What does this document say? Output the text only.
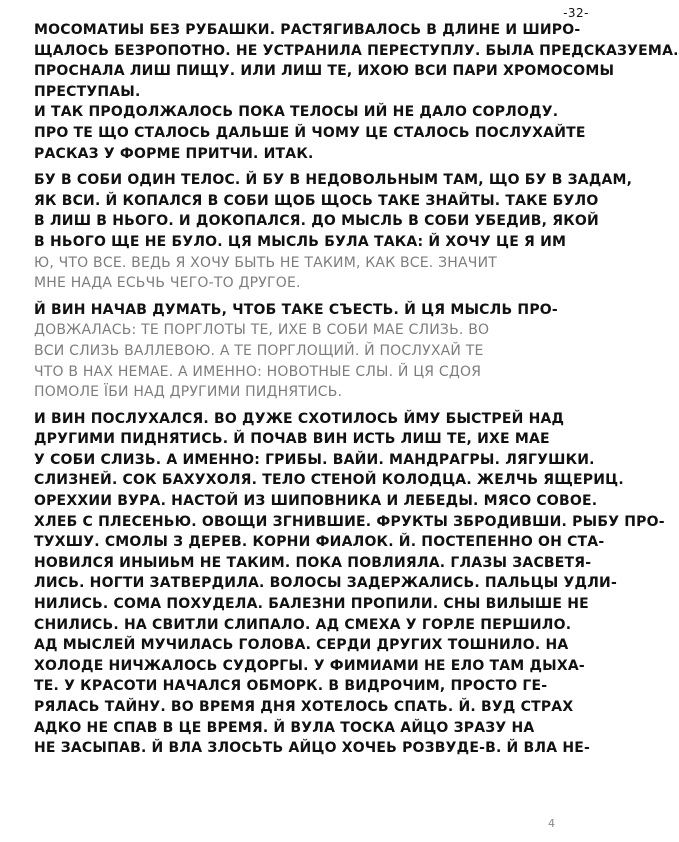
-32-
МОСОМАТИЫ БЕЗ РУБАШКИ. РАСТЯГИВАЛОСЬ В ДЛИНЕ И ШИРО-
ЩАЛОСЬ БЕЗРОПОТНО. НЕ УСТРАНИЛА ПЕРЕСТУПЛУ. БЫЛА ПРЕДСКАЗУЕМА.
ПРОСНАЛА ЛИШ ПИЩУ. ИЛИ ЛИШ ТЕ, ИХОЮ ВСИ ПАРИ ХРОМОСОМЫ
ПРЕСТУПАЫ.
И ТАК ПРОДОЛЖАЛОСЬ ПОКА ТЕЛОСЫ ИЙ НЕ ДАЛО СОРЛОДУ.
ПРО ТЕ ЩО СТАЛОСЬ ДАЛЬШЕ Й ЧОМУ ЦЕ СТАЛОСЬ ПОСЛУХАЙТЕ
РАСКАЗ У ФОРМЕ ПРИТЧИ. ИТАК.
БУ В СОБИ ОДИН ТЕЛОС. Й БУ В НЕДОВОЛЬНЫМ ТАМ, ЩО БУ В ЗАДАМ,
ЯК ВСИ. Й КОПАЛСЯ В СОБИ ЩОБ ЩОСЬ ТАКЕ ЗНАЙТЫ. ТАКЕ БУЛО
В ЛИШ В НЬОГО. И ДОКОПАЛСЯ. ДО МЫСЛЬ В СОБИ УБЕДИВ, ЯКОЙ
В НЬОГО ЩЕ НЕ БУЛО. ЦЯ МЫСЛЬ БУЛА ТАКА: Й ХОЧУ ЦЕ Я ИМ
Ю, ЧТО ВСЕ. ВЕДЬ Я ХОЧУ БЫТЬ НЕ ТАКИМ, КАК ВСЕ. ЗНАЧИТ
МНЕ НАДА ЕСЬЧЬ ЧЕГО-ТО ДРУГОЕ.
Й ВИН НАЧАВ ДУМАТЬ, ЧТОБ ТАКЕ СЪЕСТЬ. Й ЦЯ МЫСЛЬ ПРО-
ДОВЖАЛАСЬ: ТЕ ПОРГЛОТЫ ТЕ, ИХЕ В СОБИ МАЕ СЛИЗЬ. ВО
ВСИ СЛИЗЬ ВАЛЛЕВОЮ. А ТЕ ПОРГЛОЩИЙ. Й ПОСЛУХАЙ ТЕ
ЧТО В НАХ НЕМАЕ. А ИМЕННО: НОВОТНЫЕ СЛЫ. Й ЦЯ СДОЯ
ПОМОЛЕ ЇБИ НАД ДРУГИМИ ПИДНЯТИСЬ.
И ВИН ПОСЛУХАЛСЯ. ВО ДУЖЕ СХОТИЛОСЬ ЙМУ БЫСТРЕЙ НАД
ДРУГИМИ ПИДНЯТИСЬ. Й ПОЧАВ ВИН ИСТЬ ЛИШ ТЕ, ИХЕ МАЕ
У СОБИ СЛИЗЬ. А ИМЕННО: ГРИБЫ. ВАЙИ. МАНДРАГРЫ. ЛЯГУШКИ.
СЛИЗНЕЙ. СОК БАХУХОЛЯ. ТЕЛО СТЕНОЙ КОЛОДЦА. ЖЕЛЧЬ ЯЩЕРИЦ.
ОРЕХХИИ ВУРА. НАСТОЙ ИЗ ШИПОВНИКА И ЛЕБЕДЫ. МЯСО СОВОЕ.
ХЛЕБ С ПЛЕСЕНЬЮ. ОВОЩИ ЗГНИВШИЕ. ФРУКТЫ ЗБРОДИВШИ. РЫБУ ПРО-
ТУХШУ. СМОЛЫ З ДЕРЕВ. КОРНИ ФИАЛОК. Й. ПОСТЕПЕННО ОН СТА-
НОВИЛСЯ ИНЫИЬМ НЕ ТАКИМ. ПОКА ПОВЛИЯЛА. ГЛАЗЫ ЗАСВЕТЯ-
ЛИСЬ. НОГТИ ЗАТВЕРДИЛА. ВОЛОСЫ ЗАДЕРЖАЛИСЬ. ПАЛЬЦЫ УДЛИ-
НИЛИСЬ. СОМА ПОХУДЕЛА. БАЛЕЗНИ ПРОПИЛИ. СНЫ ВИЛЫШЕ НЕ
СНИЛИСЬ. НА СВИТЛИ СЛИПАЛО. АД СМЕХА У ГОРЛЕ ПЕРШИЛО.
АД МЫСЛЕЙ МУЧИЛАСЬ ГОЛОВА. СЕРДИ ДРУГИХ ТОШНИЛО. НА
ХОЛОДЕ НИЧЖАЛОСЬ СУДОРГЫ. У ФИМИАМИ НЕ ЕЛО ТАМ ДЫХА-
ТЕ. У КРАСОТИ НАЧАЛСЯ ОБМОРК. В ВИДРОЧИМ, ПРОСТО ГЕ-
РЯЛАСЬ ТАЙНУ. ВО ВРЕМЯ ДНЯ ХОТЕЛОСЬ СПАТЬ. Й. ВУД СТРАХ
АДКО НЕ СПАВ В ЦЕ ВРЕМЯ. Й ВУЛА ТОСКА АЙЦО ЗРАЗУ НА
НЕ ЗАСЫПАВ. Й ВЛА ЗЛОСЬТЬ АЙЦО ХОЧЕЬ РОЗВУДЕ-В. Й ВЛА НЕ-
4
